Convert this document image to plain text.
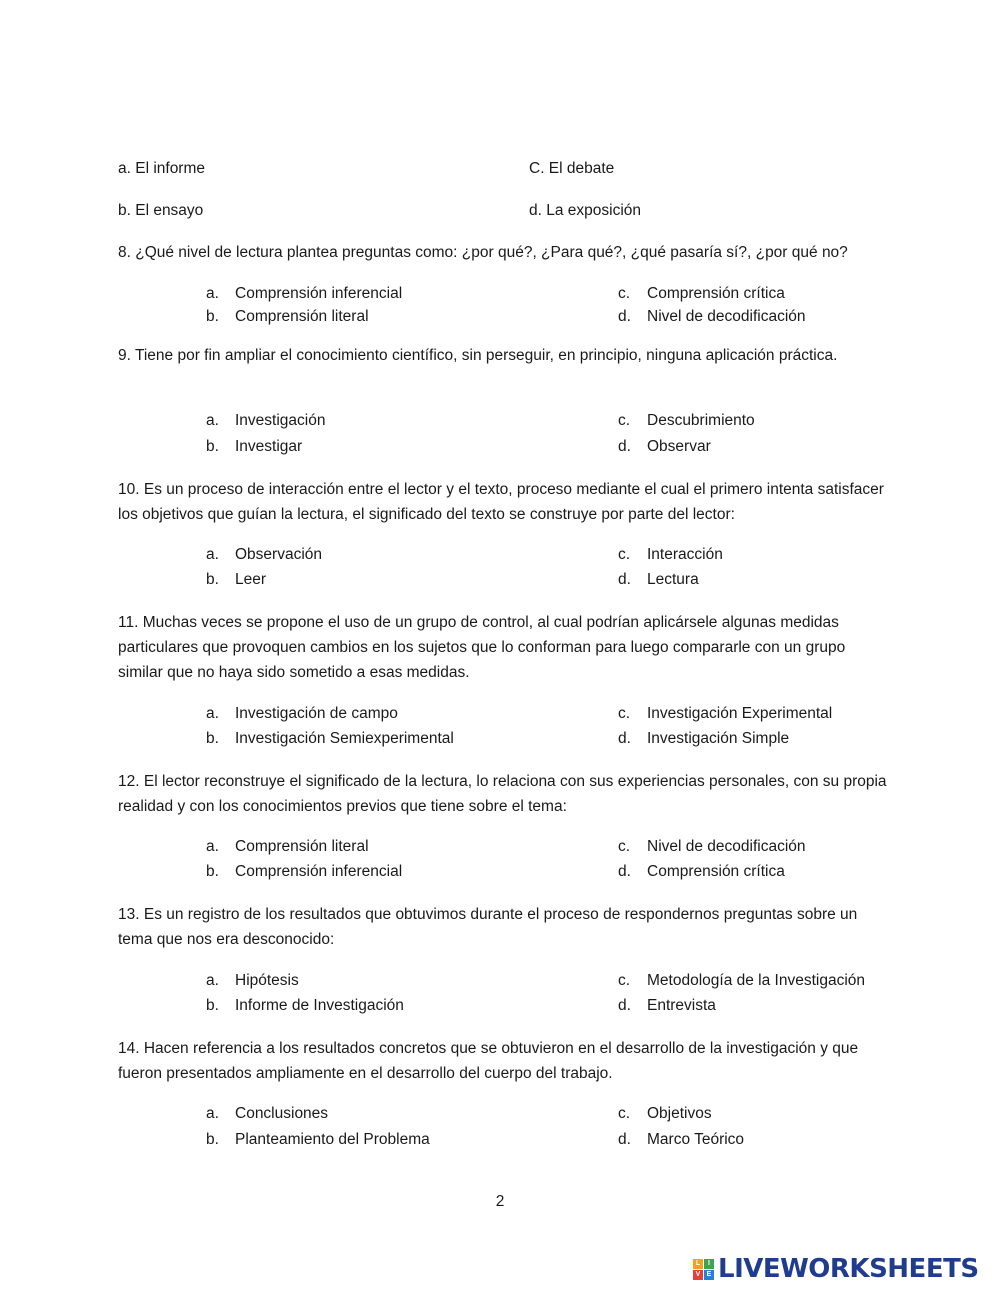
a. El informe	C. El debate
b. El ensayo	d. La exposición
8. ¿Qué nivel de lectura plantea preguntas como: ¿por qué?, ¿Para qué?, ¿qué pasaría sí?, ¿por qué no?
a. Comprensión inferencial	c. Comprensión crítica
b. Comprensión literal	d. Nivel de decodificación
9. Tiene por fin ampliar el conocimiento científico, sin perseguir, en principio, ninguna aplicación práctica.
a. Investigación	c. Descubrimiento
b. Investigar	d. Observar
10. Es un proceso de interacción entre el lector y el texto, proceso mediante el cual el primero intenta satisfacer los objetivos que guían la lectura, el significado del texto se construye por parte del lector:
a. Observación	c. Interacción
b. Leer	d. Lectura
11. Muchas veces se propone el uso de un grupo de control, al cual podrían aplicársele algunas medidas particulares que provoquen cambios en los sujetos que lo conforman para luego compararle con un grupo similar que no haya sido sometido a esas medidas.
a. Investigación de campo	c. Investigación Experimental
b. Investigación Semiexperimental	d. Investigación Simple
12. El lector reconstruye el significado de la lectura, lo relaciona con sus experiencias personales, con su propia realidad y con los conocimientos previos que tiene sobre el tema:
a. Comprensión literal	c. Nivel de decodificación
b. Comprensión inferencial	d. Comprensión crítica
13. Es un registro de los resultados que obtuvimos durante el proceso de respondernos preguntas sobre un tema que nos era desconocido:
a. Hipótesis	c. Metodología de la Investigación
b. Informe de Investigación	d. Entrevista
14. Hacen referencia a los resultados concretos que se obtuvieron en el desarrollo de la investigación y que fueron presentados ampliamente en el desarrollo del cuerpo del trabajo.
a. Conclusiones	c. Objetivos
b. Planteamiento del Problema	d. Marco Teórico
2
L	I
V E LIVEWORKSHEETS
